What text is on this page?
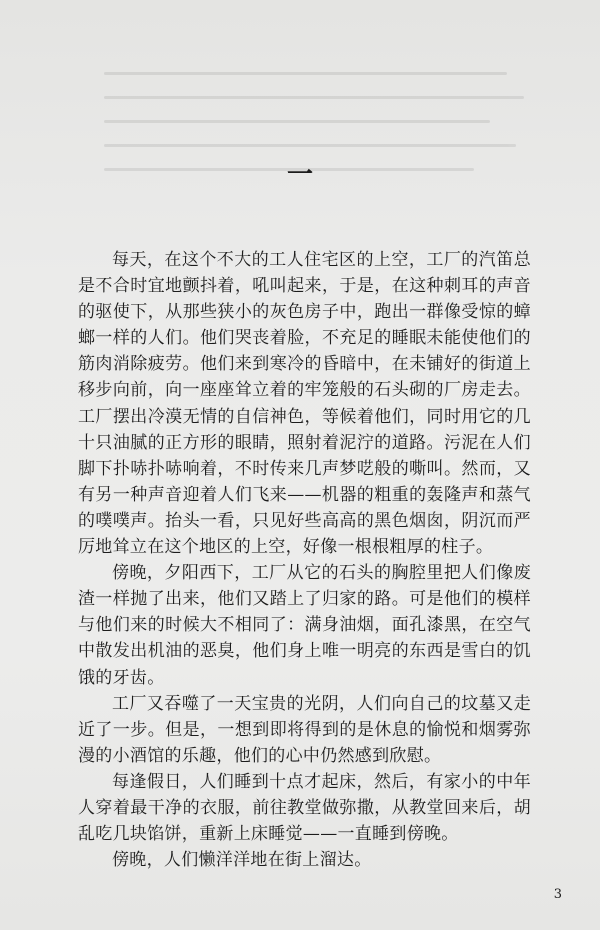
一

每天，在这个不大的工人住宅区的上空，工厂的汽笛总是不合时宜地颤抖着，吼叫起来，于是，在这种刺耳的声音的驱使下，从那些狭小的灰色房子中，跑出一群像受惊的蟑螂一样的人们。他们哭丧着脸，不充足的睡眠未能使他们的筋肉消除疲劳。他们来到寒冷的昏暗中，在未铺好的街道上移步向前，向一座座耸立着的牢笼般的石头砌的厂房走去。工厂摆出冷漠无情的自信神色，等候着他们，同时用它的几十只油腻的正方形的眼睛，照射着泥泞的道路。污泥在人们脚下扑哧扑哧响着，不时传来几声梦呓般的嘶叫。然而，又有另一种声音迎着人们飞来——机器的粗重的轰隆声和蒸气的噗噗声。抬头一看，只见好些高高的黑色烟囱，阴沉而严厉地耸立在这个地区的上空，好像一根根粗厚的柱子。

傍晚，夕阳西下，工厂从它的石头的胸腔里把人们像废渣一样抛了出来，他们又踏上了归家的路。可是他们的模样与他们来的时候大不相同了：满身油烟，面孔漆黑，在空气中散发出机油的恶臭，他们身上唯一明亮的东西是雪白的饥饿的牙齿。

工厂又吞噬了一天宝贵的光阴，人们向自己的坟墓又走近了一步。但是，一想到即将得到的是休息的愉悦和烟雾弥漫的小酒馆的乐趣，他们的心中仍然感到欣慰。

每逢假日，人们睡到十点才起床，然后，有家小的中年人穿着最干净的衣服，前往教堂做弥撒，从教堂回来后，胡乱吃几块馅饼，重新上床睡觉——一直睡到傍晚。

傍晚，人们懒洋洋地在街上溜达。

3
